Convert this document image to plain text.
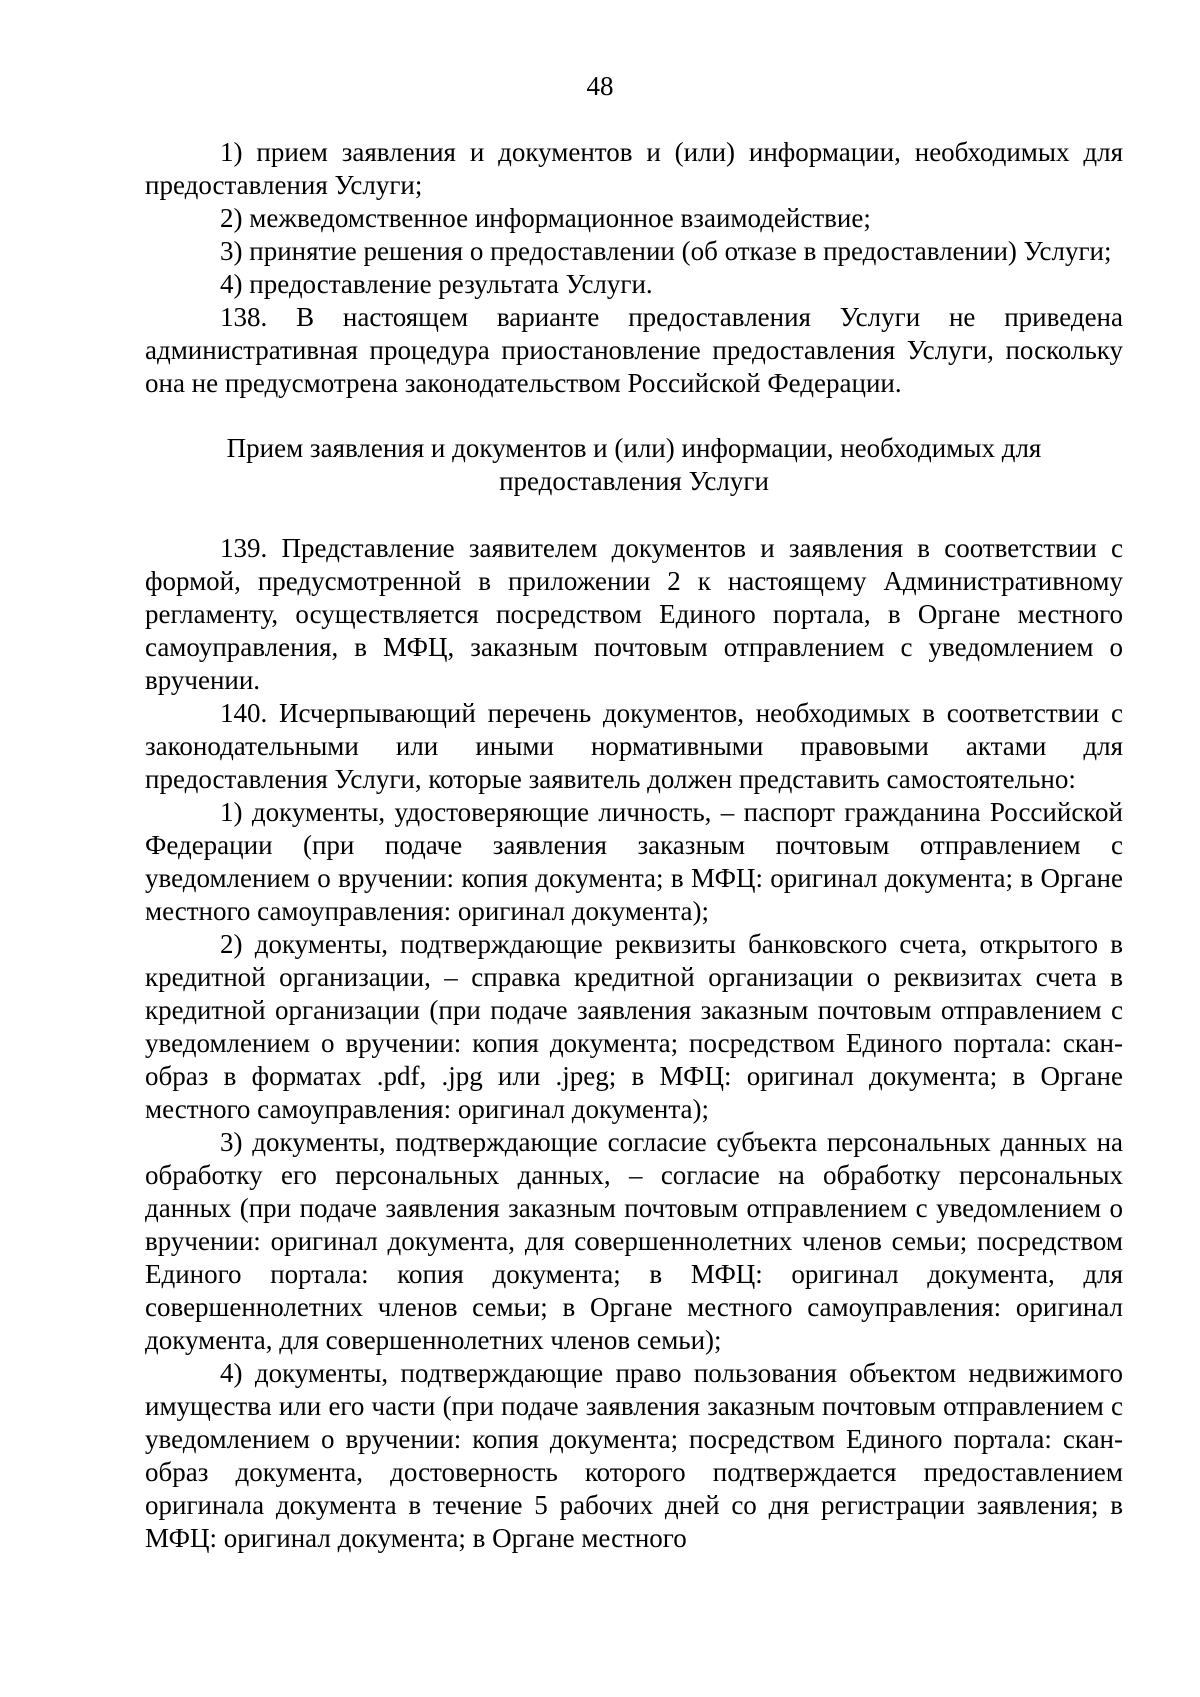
48

1) прием заявления и документов и (или) информации, необходимых для предоставления Услуги;

2) межведомственное информационное взаимодействие;

3) принятие решения о предоставлении (об отказе в предоставлении) Услуги;

4) предоставление результата Услуги.

138. В настоящем варианте предоставления Услуги не приведена административная процедура приостановление предоставления Услуги, поскольку она не предусмотрена законодательством Российской Федерации.

Прием заявления и документов и (или) информации, необходимых для предоставления Услуги

139. Представление заявителем документов и заявления в соответствии с формой, предусмотренной в приложении 2 к настоящему Административному регламенту, осуществляется посредством Единого портала, в Органе местного самоуправления, в МФЦ, заказным почтовым отправлением с уведомлением о вручении.

140. Исчерпывающий перечень документов, необходимых в соответствии с законодательными или иными нормативными правовыми актами для предоставления Услуги, которые заявитель должен представить самостоятельно:

1) документы, удостоверяющие личность, – паспорт гражданина Российской Федерации (при подаче заявления заказным почтовым отправлением с уведомлением о вручении: копия документа; в МФЦ: оригинал документа; в Органе местного самоуправления: оригинал документа);

2) документы, подтверждающие реквизиты банковского счета, открытого в кредитной организации, – справка кредитной организации о реквизитах счета в кредитной организации (при подаче заявления заказным почтовым отправлением с уведомлением о вручении: копия документа; посредством Единого портала: скан-образ в форматах .pdf, .jpg или .jpeg; в МФЦ: оригинал документа; в Органе местного самоуправления: оригинал документа);

3) документы, подтверждающие согласие субъекта персональных данных на обработку его персональных данных, – согласие на обработку персональных данных (при подаче заявления заказным почтовым отправлением с уведомлением о вручении: оригинал документа, для совершеннолетних членов семьи; посредством Единого портала: копия документа; в МФЦ: оригинал документа, для совершеннолетних членов семьи; в Органе местного самоуправления: оригинал документа, для совершеннолетних членов семьи);

4) документы, подтверждающие право пользования объектом недвижимого имущества или его части (при подаче заявления заказным почтовым отправлением с уведомлением о вручении: копия документа; посредством Единого портала: скан-образ документа, достоверность которого подтверждается предоставлением оригинала документа в течение 5 рабочих дней со дня регистрации заявления; в МФЦ: оригинал документа; в Органе местного
